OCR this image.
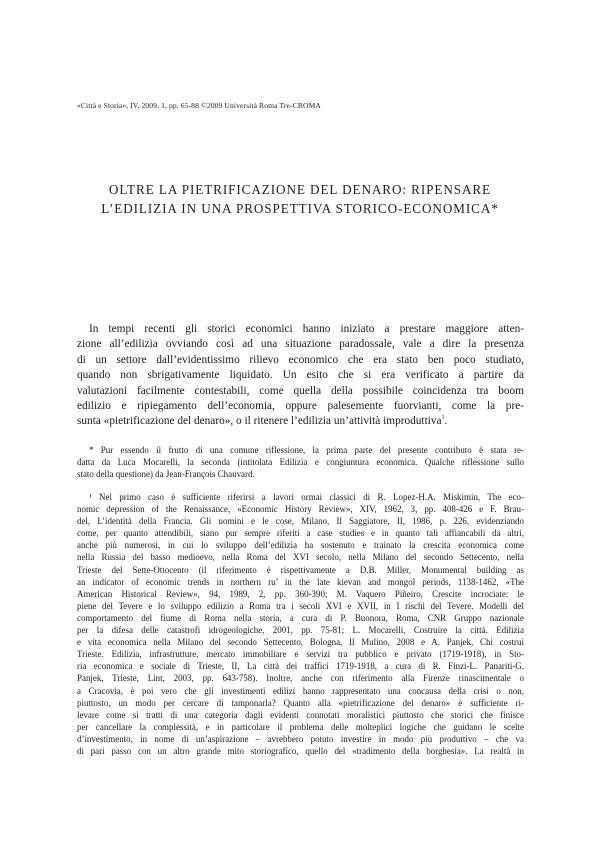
«Città e Storia», IV, 2009, 1, pp. 65-88 ©2009 Università Roma Tre-CROMA
OLTRE LA PIETRIFICAZIONE DEL DENARO: RIPENSARE
L’EDILIZIA IN UNA PROSPETTIVA STORICO-ECONOMICA*
In tempi recenti gli storici economici hanno iniziato a prestare maggiore atten-
zione all’edilizia ovviando così ad una situazione paradossale, vale a dire la presenza
di un settore dall’evidentissimo rilievo economico che era stato ben poco studiato,
quando non sbrigativamente liquidato. Un esito che si era verificato a partire da
valutazioni facilmente contestabili, come quella della possibile coincidenza tra boom
edilizio e ripiegamento dell’economia, oppure palesemente fuorvianti, come la pre-
sunta «pietrificazione del denaro», o il ritenere l’edilizia un’attività improduttiva$^1$.
* Pur essendo il frutto di una comune riflessione, la prima parte del presente contributo è stata re-
datta da Luca Mocarelli, la seconda (intitolata Edilizia e congiuntura economica. Qualche riflessione sullo
stato della questione) da Jean-François Chauvard.
¹ Nel primo caso è sufficiente riferirsi a lavori ormai classici di R. Lopez-H.A. Miskimin, The eco-
nomic depression of the Renaissance, «Economic History Review», XIV, 1962, 3, pp. 408-426 e F. Brau-
del, L’identità della Francia. Gli uomini e le cose, Milano, Il Saggiatore, II, 1986, p. 226, evidenziando
come, per quanto attendibili, siano pur sempre riferiti a case studies e in quanto tali affiancabili da altri,
anche più numerosi, in cui lo sviluppo dell’edilizia ha sostenuto e trainato la crescita economica come
nella Russia del basso medioevo, nella Roma del XVI secolo, nella Milano del secondo Settecento, nella
Trieste del Sette-Ottocento (il riferimento è rispettivamente a D.B. Miller, Monumental building as
an indicator of economic trends in northern ru’ in the late kievan and mongol periods, 1138-1462, «The
American Historical Review», 94, 1989, 2, pp. 360-390; M. Vaquero Piñeiro, Crescite incrociate: le
piene del Tevere e lo sviluppo edilizio a Roma tra i secoli XVI e XVII, in I rischi del Tevere. Modelli del
comportamento del fiume di Roma nella storia, a cura di P. Buonora, Roma, CNR Gruppo nazionale
per la difesa delle catastrofi idrogeologiche, 2001, pp. 75-81; L. Mocarelli, Costruire la città. Edilizia
e vita economica nella Milano del secondo Settecento, Bologna, Il Mulino, 2008 e A. Panjek, Chi costruì
Trieste. Edilizia, infrastrutture, mercato immobiliare e servizi tra pubblico e privato (1719-1918), in Sto-
ria economica e sociale di Trieste, II, La città dei traffici 1719-1918, a cura di R. Finzi-L. Panariti-G.
Panjek, Trieste, Lint, 2003, pp. 643-758). Inoltre, anche con riferimento alla Firenze rinascimentale o
a Cracovia, è poi vero che gli investimenti edilizi hanno rappresentato una concausa della crisi o non,
piuttosto, un modo per cercare di tamponarla? Quanto alla «pietrificazione del denaro» è sufficiente ri-
levare come si tratti di una categoria dagli evidenti connotati moralistici piuttosto che storici che finisce
per cancellare la complessità, e in particolare il problema delle molteplici logiche che guidano le scelte
d’investimento, in nome di un’aspirazione – avrebbero potuto investire in modo più produttivo – che va
di pari passo con un altro grande mito storiografico, quello del «tradimento della borghesia». La realtà in
